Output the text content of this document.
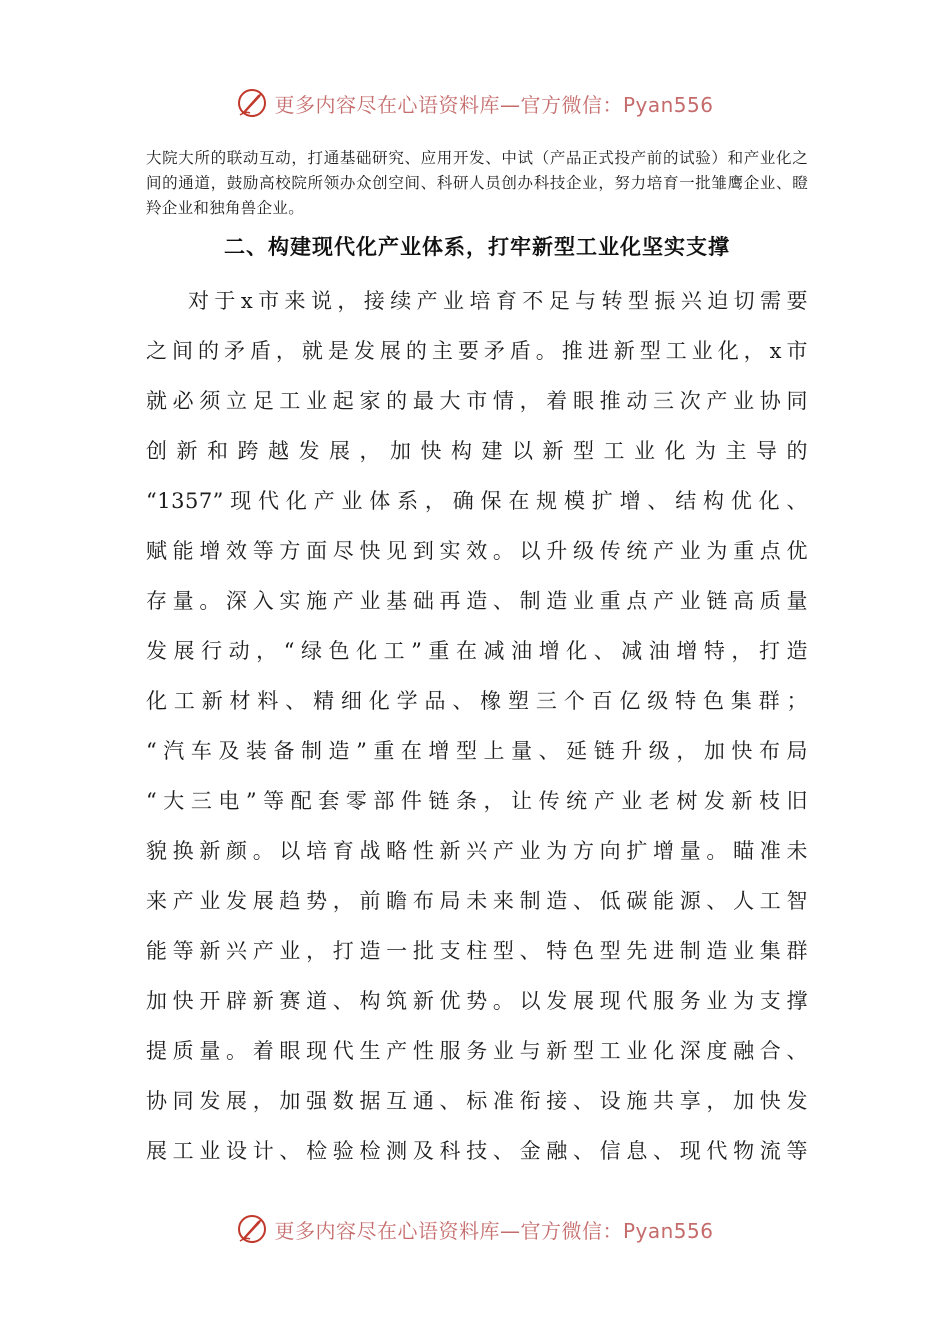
更多内容尽在心语资料库—官方微信：Pyan556
大院大所的联动互动，打通基础研究、应用开发、中试（产品正式投产前的试验）和产业化之间的通道，鼓励高校院所领办众创空间、科研人员创办科技企业，努力培育一批雏鹰企业、瞪羚企业和独角兽企业。
二、构建现代化产业体系，打牢新型工业化坚实支撑
对于x市来说，接续产业培育不足与转型振兴迫切需要
之间的矛盾，就是发展的主要矛盾。推进新型工业化，x市
就必须立足工业起家的最大市情，着眼推动三次产业协同
创新和跨越发展，加快构建以新型工业化为主导的
“1357”现代化产业体系，确保在规模扩增、结构优化、
赋能增效等方面尽快见到实效。以升级传统产业为重点优
存量。深入实施产业基础再造、制造业重点产业链高质量
发展行动，“绿色化工”重在减油增化、减油增特，打造
化工新材料、精细化学品、橡塑三个百亿级特色集群；
“汽车及装备制造”重在增型上量、延链升级，加快布局
“大三电”等配套零部件链条，让传统产业老树发新枝旧
貌换新颜。以培育战略性新兴产业为方向扩增量。瞄准未
来产业发展趋势，前瞻布局未来制造、低碳能源、人工智
能等新兴产业，打造一批支柱型、特色型先进制造业集群
加快开辟新赛道、构筑新优势。以发展现代服务业为支撑
提质量。着眼现代生产性服务业与新型工业化深度融合、
协同发展，加强数据互通、标准衔接、设施共享，加快发
展工业设计、检验检测及科技、金融、信息、现代物流等
更多内容尽在心语资料库—官方微信：Pyan556
